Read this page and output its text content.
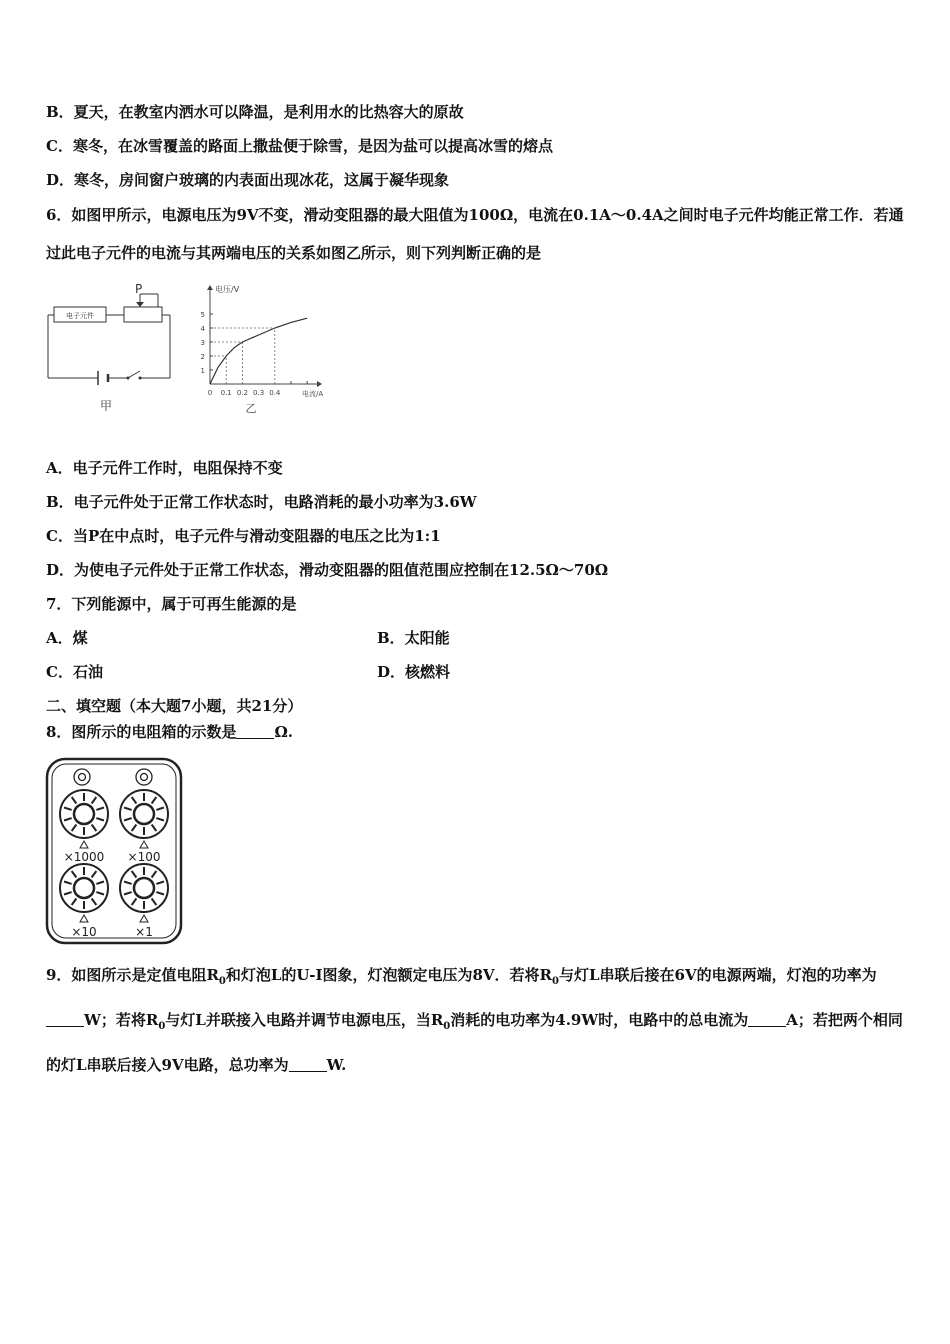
B．夏天，在教室内洒水可以降温，是利用水的比热容大的原故
C．寒冬，在冰雪覆盖的路面上撒盐便于除雪，是因为盐可以提高冰雪的熔点
D．寒冬，房间窗户玻璃的内表面出现冰花，这属于凝华现象
6．如图甲所示，电源电压为9V不变，滑动变阻器的最大阻值为100Ω，电流在0.1A～0.4A之间时电子元件均能正常工作．若通过此电子元件的电流与其两端电压的关系如图乙所示，则下列判断正确的是
电子元件
P
甲
1
2
3
4
5
0 0.1 0.2 0.3 0.4
电压/V
电流/A
乙
A．电子元件工作时，电阻保持不变
B．电子元件处于正常工作状态时，电路消耗的最小功率为3.6W
C．当P在中点时，电子元件与滑动变阻器的电压之比为1:1
D．为使电子元件处于正常工作状态，滑动变阻器的阻值范围应控制在12.5Ω～70Ω
7．下列能源中，属于可再生能源的是
A．煤	B．太阳能
C．石油	D．核燃料
二、填空题（本大题7小题，共21分）
8．图所示的电阻箱的示数是	Ω.
×1000 ×100
×10	×1
9．如图所示是定值电阻$R_0$和灯泡L的U-I图象，灯泡额定电压为8V．若将$R_0$与灯L串联后接在6V的电源两端，灯泡的功率为W；若将$R_0$与灯L并联接入电路并调节电源电压，当$R_0$消耗的电功率为4.9W时，电路中的总电流为	A；若把两个相同的灯L串联后接入9V电路，总功率为	W.
